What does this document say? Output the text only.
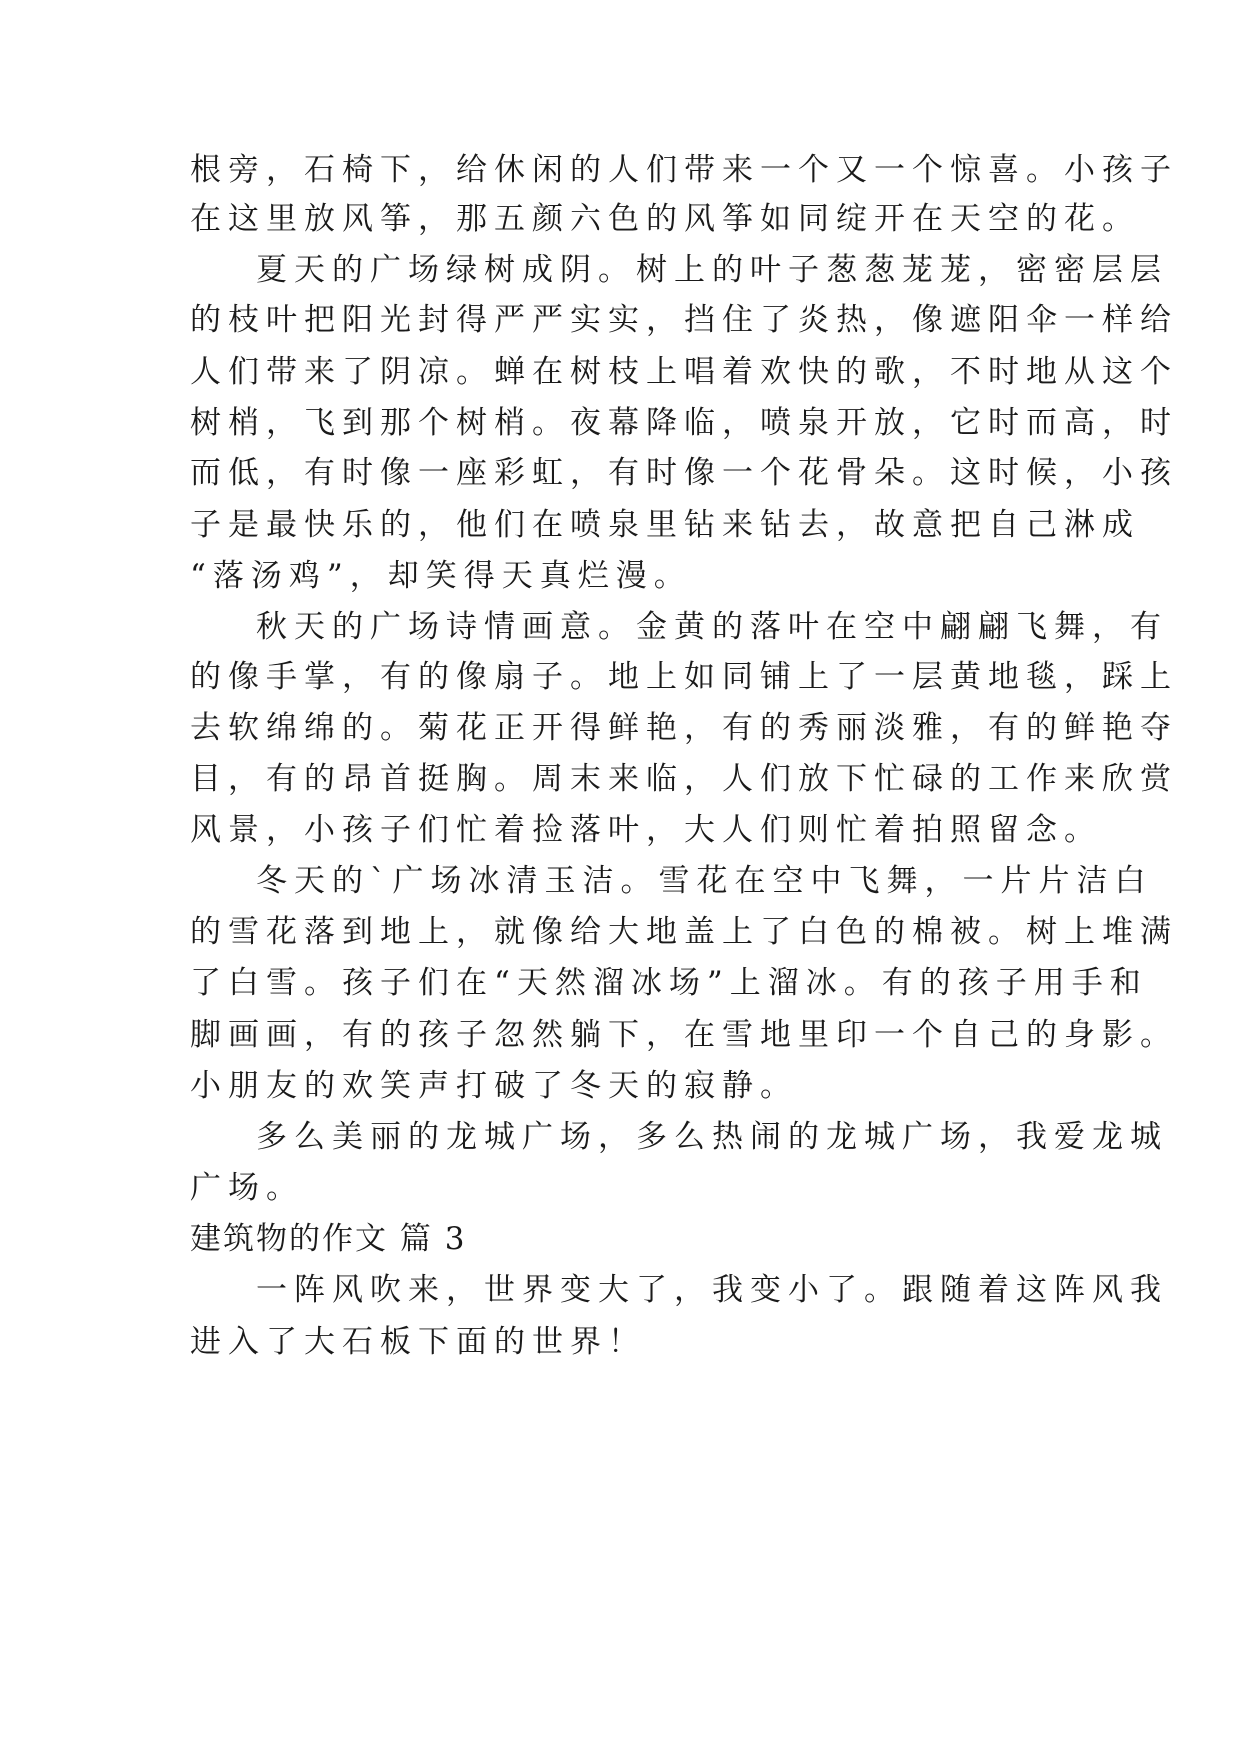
根旁，石椅下，给休闲的人们带来一个又一个惊喜。小孩子
在这里放风筝，那五颜六色的风筝如同绽开在天空的花。
夏天的广场绿树成阴。树上的叶子葱葱茏茏，密密层层
的枝叶把阳光封得严严实实，挡住了炎热，像遮阳伞一样给
人们带来了阴凉。蝉在树枝上唱着欢快的歌，不时地从这个
树梢，飞到那个树梢。夜幕降临，喷泉开放，它时而高，时
而低，有时像一座彩虹，有时像一个花骨朵。这时候，小孩
子是最快乐的，他们在喷泉里钻来钻去，故意把自己淋成
“落汤鸡”，却笑得天真烂漫。
秋天的广场诗情画意。金黄的落叶在空中翩翩飞舞，有
的像手掌，有的像扇子。地上如同铺上了一层黄地毯，踩上
去软绵绵的。菊花正开得鲜艳，有的秀丽淡雅，有的鲜艳夺
目，有的昂首挺胸。周末来临，人们放下忙碌的工作来欣赏
风景，小孩子们忙着捡落叶，大人们则忙着拍照留念。
冬天的`广场冰清玉洁。雪花在空中飞舞，一片片洁白
的雪花落到地上，就像给大地盖上了白色的棉被。树上堆满
了白雪。孩子们在“天然溜冰场”上溜冰。有的孩子用手和
脚画画，有的孩子忽然躺下，在雪地里印一个自己的身影。
小朋友的欢笑声打破了冬天的寂静。
多么美丽的龙城广场，多么热闹的龙城广场，我爱龙城
广场。
建筑物的作文 篇 3
一阵风吹来，世界变大了，我变小了。跟随着这阵风我
进入了大石板下面的世界！
